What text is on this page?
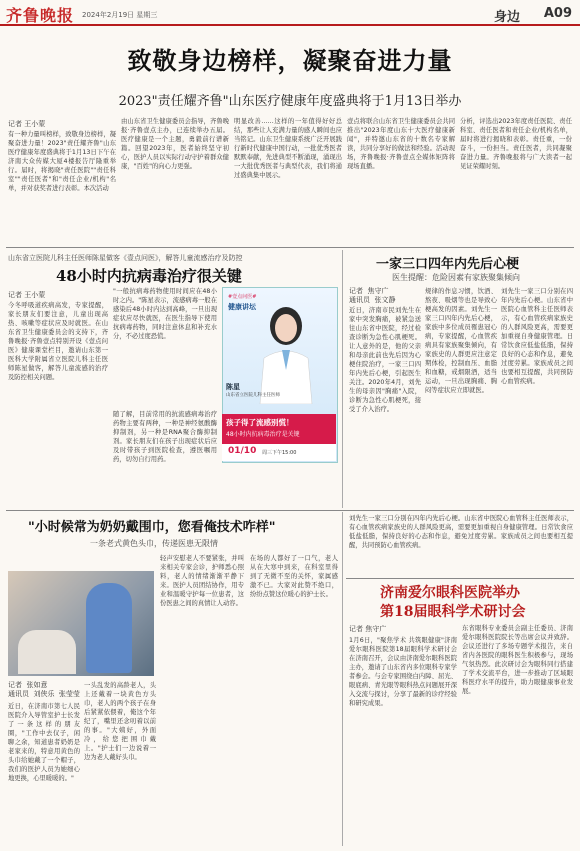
齐鲁晚报 2024年2月19日 星期三	身边 A09
致敬身边榜样，凝聚奋进力量
2023"责任耀齐鲁"山东医疗健康年度盛典将于1月13日举办
记者 王小蒙
有一种力量叫榜样，致敬身边榜样，凝聚奋进力量！2023"责任耀齐鲁"山东医疗健康年度盛典将于1月13日下午在济南大众传媒大厦4楼报告厅隆重举行。届时，将揭晓"责任医院""责任科室""责任医者"和"责任企业/机构"名单，并对获奖者进行表彰。本次活动
由山东省卫生健康委员会指导，齐鲁晚报·齐鲁壹点主办，已连续举办五届。医疗健康是一个主题，勇毅前行谱新篇。回望2023年，医者始终坚守初心，医护人员以实际行动守护着群众健康，"百姓"的向心力更强。
明显改善……这样的一年值得好好总结，那些让人充满力量的感人瞬间也应当铭记。山东卫生健康系统广泛开展践行新时代健康中国行动，一批优秀医者默默奉献，先进典型不断涌现，涌现出一大批优秀医者与典型代表，我们将通过盛典集中展示。
壹点将联合山东省卫生健康委员会共同推出"2023年度山东十大医疗健康新闻"，并特邀山东省的十数名专家解读，共同分享好的做法和经验。活动现场，齐鲁晚报·齐鲁壹点全媒体矩阵将现场直播。
分析，评选出2023年度责任医院、责任科室、责任医者和责任企业/机构名单，届时将进行揭晓和表彰。责任重，一份奋斗，一份担当。责任医者，共同凝聚奋进力量。齐鲁晚报将与广大读者一起见证荣耀时刻。
山东省立医院儿科主任医师陈星做客《壹点问医》，解答儿童流感治疗及防控
48小时内抗病毒治疗很关键
记者 王小蒙
今冬呼吸道疾病高发，专家提醒，家长朋友们要注意，儿童出现高热、咳嗽等症状应及时就医。在山东省卫生健康委员会的支持下，齐鲁晚报·齐鲁壹点特别开设《壹点问医》健康课堂栏目，邀请山东第一医科大学附属省立医院儿科主任医师陈星做客，解答儿童流感的治疗及防控相关问题。
"一般抗病毒药物使用时间应在48小时之内。"陈星表示，流感病毒一般在感染后48小时内达到高峰，一旦出现症状应尽快就医，在医生指导下使用抗病毒药物，同时注意休息和补充水分，不必过度恐慌。
随了解，目前常用的抗流感病毒治疗药物主要有两种，一种是神经氨酸酶抑制剂，另一种是RNA聚合酶抑制剂。家长朋友们在孩子出现症状后应及时带孩子到医院检查，遵医嘱用药，切勿自行用药。
#壹点问医#
健康讲坛
陈星
山东省立医院儿科主任医师
孩子得了流感别慌！
48小时内抗病毒治疗是关键
01/10 周三下午15:00
一家三口四年内先后心梗
医生提醒：危险因素有家族聚集倾向
记者  焦守广
通讯员  张文静
近日，济南市民刘先生在家中突发胸痛，被紧急送往山东省中医院，经过检查诊断为急性心肌梗死。让人意外的是，他的父亲和母亲此前也先后因为心梗住院治疗，一家三口四年内先后心梗，引起医生关注。2020年4月，刘先生的母亲因"胸痛"入院，诊断为急性心肌梗死，接受了介入治疗。
规律的作息习惯，饮酒、熬夜、吸烟等也是导致心梗高发的因素。刘先生一家三口四年内先后心梗，家族中多位成员罹患冠心病，专家提醒，心血管疾病具有家族聚集倾向，有家族史的人群更应注意定期体检，控制血压、血脂和血糖，戒烟限酒，适当运动，一旦出现胸痛、胸闷等症状应立即就医。
刘先生一家三口分别在四年内先后心梗。山东省中医院心血管科主任医师表示，有心血管疾病家族史的人群风险更高，需要更加重视自身健康管理。日常饮食应低盐低脂，保持良好的心态和作息，避免过度劳累。家族成员之间也要相互提醒，共同预防心血管疾病。
"小时候常为奶奶戴围巾，您看俺技术咋样"
一条老式黄色头巾，传递医患无限情
记者  张如意
通讯员  刘侠乐  张莹莹
近日，在济南市第七人民医院介入导管室护士长发了一条这样的朋友圈，"工作中去仅子，闲聊之余，知道患者奶奶是老家来的，特意用黄色的头巾给她戴了一个帽子，我们的医护人员为她细心地更换，心里暖暖的。"
一头乱发的高龄老人，头上还戴着一块黄色方头巾，老人的两个孩子在身后紧紧依偎着，俺这个年纪了，嘴里还念叨着以前的事。"大姨好，外面冷，给您把围巾戴上。"护士们一边说着一边为老人戴好头巾。
轻声安慰老人不要紧张，并叫来相关专家会诊，护师悉心照料，老人的情绪渐渐平静下来。医护人员团结协作，用专业和温暖守护每一位患者，这份医患之间的真情让人动容。
在场的人都好了一口气，老人从在大寒中到来，在科室里得到了无微不至的关怀，家属感激不已。大家对此赞不绝口，纷纷点赞这位暖心的护士长。
刘先生一家三口分别在四年内先后心梗。山东省中医院心血管科主任医师表示，有心血管疾病家族史的人群风险更高，需要更加重视自身健康管理。日常饮食应低盐低脂，保持良好的心态和作息，避免过度劳累。家族成员之间也要相互提醒，共同预防心血管疾病。
济南爱尔眼科医院举办
第18届眼科学术研讨会
记者 焦守广
1月6日，"聚焦学术 共筑眼健康"济南爱尔眼科医院第18届眼科学术研讨会在济南召开，会议由济南爱尔眼科医院主办，邀请了山东省内多位眼科专家学者参会。与会专家围绕白内障、屈光、眼底病、青光眼等眼科热点问题展开深入交流与探讨，分享了最新的诊疗经验和研究成果。
东省眼科专业委员会副主任委员、济南爱尔眼科医院院长等出席会议并致辞。会议还进行了多场专题学术报告，来自省内各医院的眼科医生积极参与，现场气氛热烈。此次研讨会为眼科同行搭建了学术交流平台，进一步推动了区域眼科医疗水平的提升，助力眼健康事业发展。
